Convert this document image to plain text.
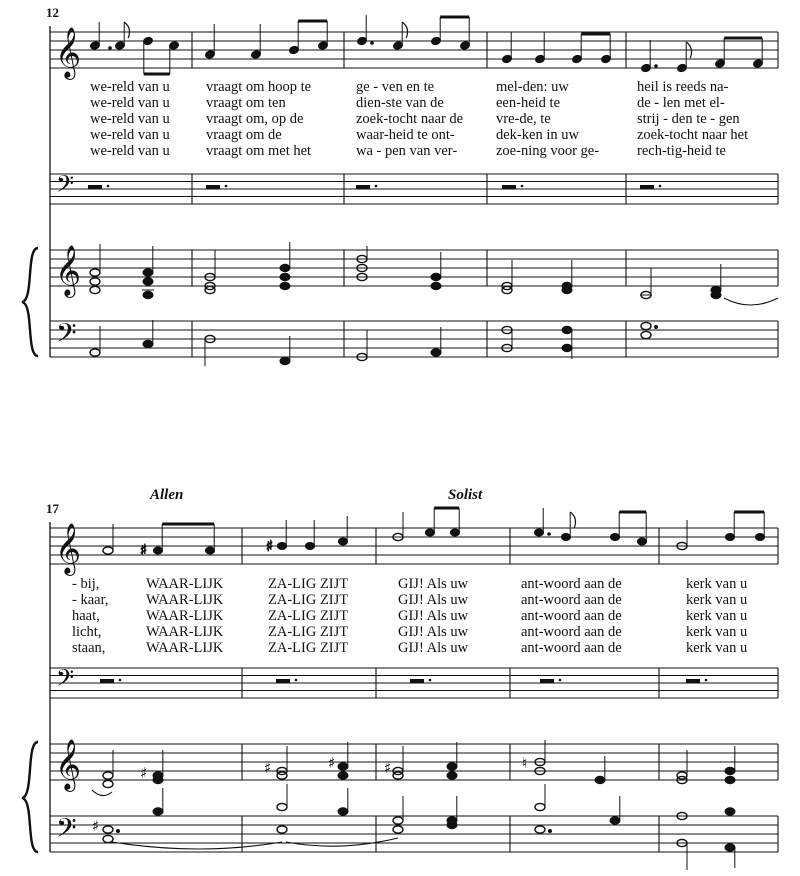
12
𝄞
we-reld van u	vraagt om hoop te	ge - ven en te	mel-den: uw	heil is reeds na-
we-reld van u	vraagt om ten	dien-ste van de	een-heid te	de - len met el-
we-reld van u	vraagt om, op de	zoek-tocht naar de vre-de, te	strij - den te - gen
we-reld van u	vraagt om de	waar-heid te ont-	dek-ken in uw	zoek-tocht naar het
we-reld van u	vraagt om met het	wa - pen van ver-	zoe-ning voor ge-	rech-tig-heid te
𝄢
𝄞
𝄢
Allen	Solist
17
𝄞	♯	♯
- bij,	WAAR-LIJK	ZA-LIG ZIJT	GIJ! Als uw	ant-woord aan de	kerk van u
- kaar,	WAAR-LIJK	ZA-LIG ZIJT	GIJ! Als uw	ant-woord aan de	kerk van u
haat,	WAAR-LIJK	ZA-LIG ZIJT	GIJ! Als uw	ant-woord aan de	kerk van u
licht,	WAAR-LIJK	ZA-LIG ZIJT	GIJ! Als uw	ant-woord aan de	kerk van u
staan,	WAAR-LIJK	ZA-LIG ZIJT	GIJ! Als uw	ant-woord aan de	kerk van u
𝄢
𝄞	♯	♯	♯	♯	♮
𝄢 ♯
